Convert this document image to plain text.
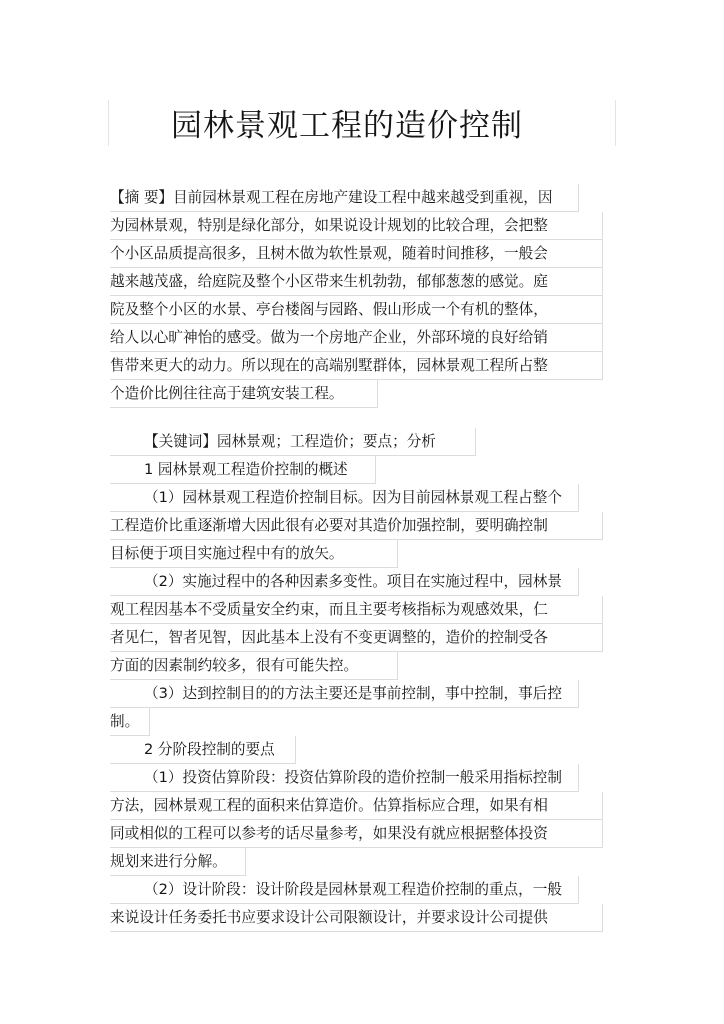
园林景观工程的造价控制
【摘 要】目前园林景观工程在房地产建设工程中越来越受到重视，因
为园林景观，特别是绿化部分，如果说设计规划的比较合理，会把整
个小区品质提高很多，且树木做为软性景观，随着时间推移，一般会
越来越茂盛，给庭院及整个小区带来生机勃勃，郁郁葱葱的感觉。庭
院及整个小区的水景、亭台楼阁与园路、假山形成一个有机的整体，
给人以心旷神怡的感受。做为一个房地产企业，外部环境的良好给销
售带来更大的动力。所以现在的高端别墅群体，园林景观工程所占整
个造价比例往往高于建筑安装工程。
【关键词】园林景观；工程造价；要点；分析
1 园林景观工程造价控制的概述
（1）园林景观工程造价控制目标。因为目前园林景观工程占整个
工程造价比重逐渐增大因此很有必要对其造价加强控制，要明确控制
目标便于项目实施过程中有的放矢。
（2）实施过程中的各种因素多变性。项目在实施过程中，园林景
观工程因基本不受质量安全约束，而且主要考核指标为观感效果，仁
者见仁，智者见智，因此基本上没有不变更调整的，造价的控制受各
方面的因素制约较多，很有可能失控。
（3）达到控制目的的方法主要还是事前控制，事中控制，事后控
制。
2 分阶段控制的要点
（1）投资估算阶段：投资估算阶段的造价控制一般采用指标控制
方法，园林景观工程的面积来估算造价。估算指标应合理，如果有相
同或相似的工程可以参考的话尽量参考，如果没有就应根据整体投资
规划来进行分解。
（2）设计阶段：设计阶段是园林景观工程造价控制的重点，一般
来说设计任务委托书应要求设计公司限额设计，并要求设计公司提供
